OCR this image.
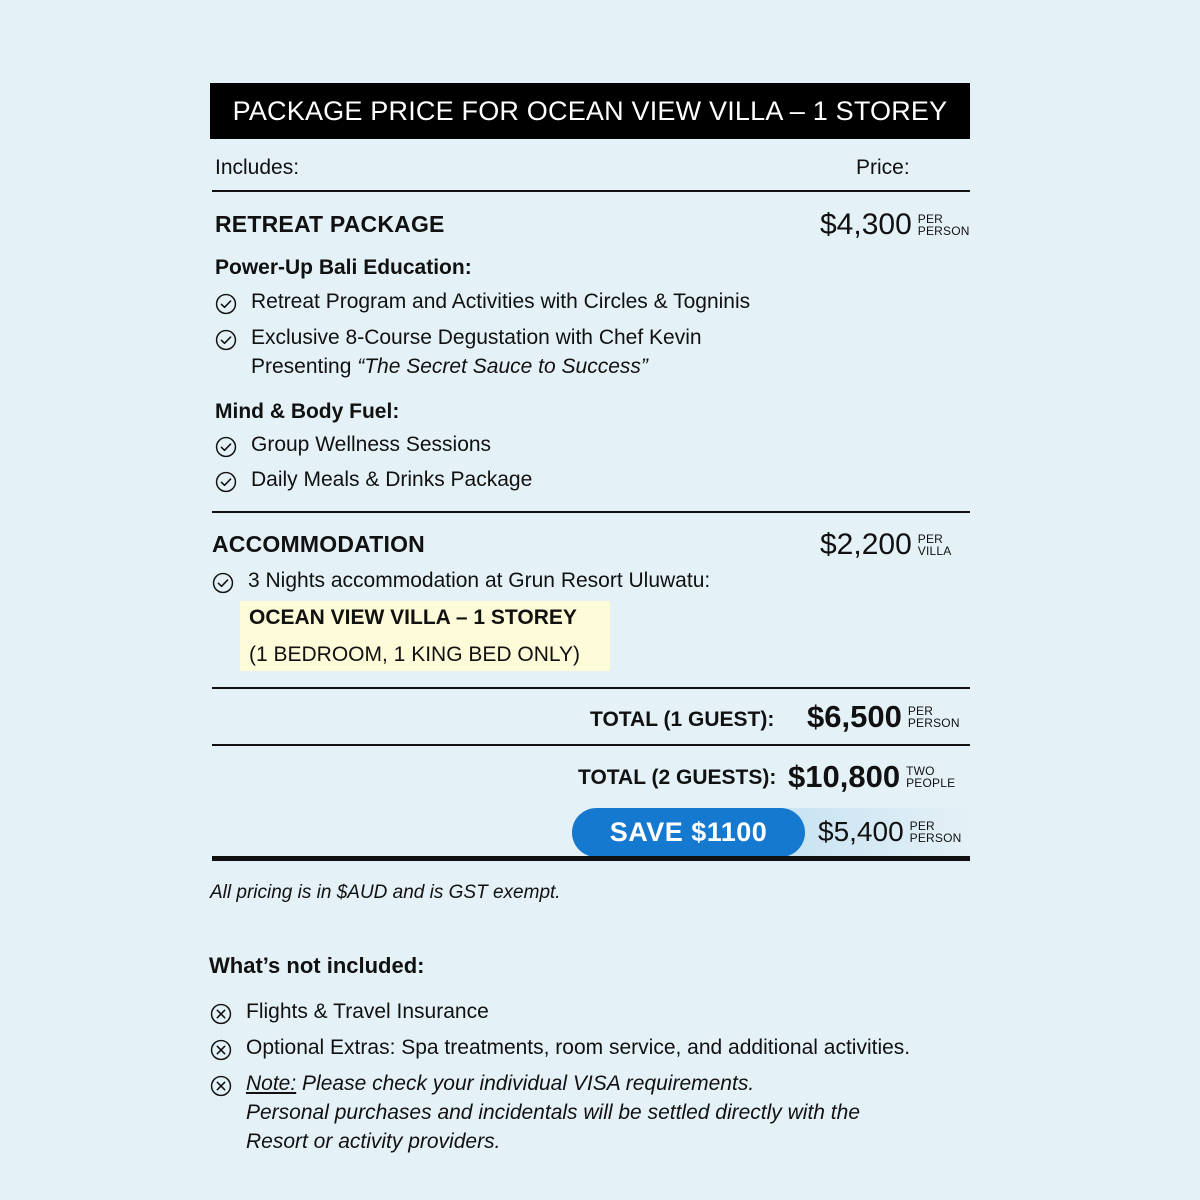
PACKAGE PRICE FOR OCEAN VIEW VILLA – 1 STOREY
Includes:	Price:
RETREAT PACKAGE	$4,300 PER
PERSON
Power-Up Bali Education:
Retreat Program and Activities with Circles & Togninis
Exclusive 8-Course Degustation with Chef Kevin
Presenting “The Secret Sauce to Success”
Mind & Body Fuel:
Group Wellness Sessions
Daily Meals & Drinks Package
ACCOMMODATION	$2,200 PER
VILLA
3 Nights accommodation at Grun Resort Uluwatu:
OCEAN VIEW VILLA – 1 STOREY
(1 BEDROOM, 1 KING BED ONLY)
TOTAL (1 GUEST): $6,500 PER
PERSON
TOTAL (2 GUESTS): $10,800 TWO
PEOPLE
SAVE $1100	$5,400 PER
PERSON
All pricing is in $AUD and is GST exempt.
What’s not included:
Flights & Travel Insurance
Optional Extras: Spa treatments, room service, and additional activities.
Note: Please check your individual VISA requirements.
Personal purchases and incidentals will be settled directly with the
Resort or activity providers.
